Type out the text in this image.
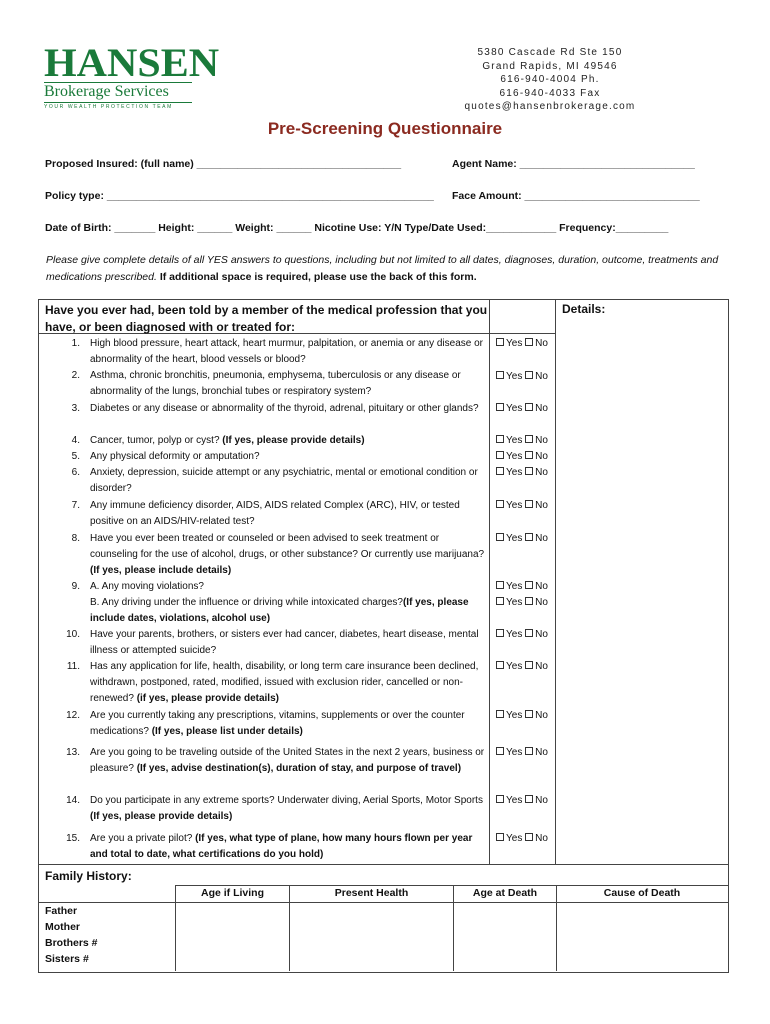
HANSEN
Brokerage Services
YOUR WEALTH PROTECTION TEAM
5380 Cascade Rd Ste 150
Grand Rapids, MI 49546
616-940-4004 Ph.
616-940-4033 Fax
quotes@hansenbrokerage.com
Pre-Screening Questionnaire
Proposed Insured: (full name) ___________________________________	Agent Name: ______________________________
Policy type: ________________________________________________________ Face Amount: ______________________________
Date of Birth: _______ Height: ______ Weight: ______ Nicotine Use: Y/N Type/Date Used:____________ Frequency:_________
Please give complete details of all YES answers to questions, including but not limited to all dates, diagnoses, duration, outcome, treatments and medications prescribed. If additional space is required, please use the back of this form.
Have you ever had, been told by a member of the medical profession that you have, or been diagnosed with or treated for:
Details:
1. High blood pressure, heart attack, heart murmur, palpitation, or anemia or any disease or abnormality of the heart, blood vessels or blood?
Yes No
2. Asthma, chronic bronchitis, pneumonia, emphysema, tuberculosis or any disease or abnormality of the lungs, bronchial tubes or respiratory system?
Yes No
3. Diabetes or any disease or abnormality of the thyroid, adrenal, pituitary or other glands?	Yes No
4. Cancer, tumor, polyp or cyst? (If yes, please provide details)	Yes No
5. Any physical deformity or amputation?	Yes No
6. Anxiety, depression, suicide attempt or any psychiatric, mental or emotional condition or disorder?
Yes No
7. Any immune deficiency disorder, AIDS, AIDS related Complex (ARC), HIV, or tested positive on an AIDS/HIV-related test?
Yes No
8. Have you ever been treated or counseled or been advised to seek treatment or counseling for the use of alcohol, drugs, or other substance? Or currently use marijuana? (If yes, please include details)
Yes No
9. A. Any moving violations?
B. Any driving under the influence or driving while intoxicated charges?(If yes, please include dates, violations, alcohol use)
Yes No
Yes No
10. Have your parents, brothers, or sisters ever had cancer, diabetes, heart disease, mental illness or attempted suicide?
Yes No
11. Has any application for life, health, disability, or long term care insurance been declined, withdrawn, postponed, rated, modified, issued with exclusion rider, cancelled or non-renewed? (if yes, please provide details)
Yes No
12. Are you currently taking any prescriptions, vitamins, supplements or over the counter medications? (If yes, please list under details)
Yes No
13. Are you going to be traveling outside of the United States in the next 2 years, business or pleasure? (If yes, advise destination(s), duration of stay, and purpose of travel)
Yes No
14. Do you participate in any extreme sports? Underwater diving, Aerial Sports, Motor Sports (If yes, please provide details)
Yes No
15. Are you a private pilot? (If yes, what type of plane, how many hours flown per year and total to date, what certifications do you hold)
Yes No
Family History:
Age if Living	Present Health	Age at Death	Cause of Death
Father
Mother
Brothers #
Sisters #
